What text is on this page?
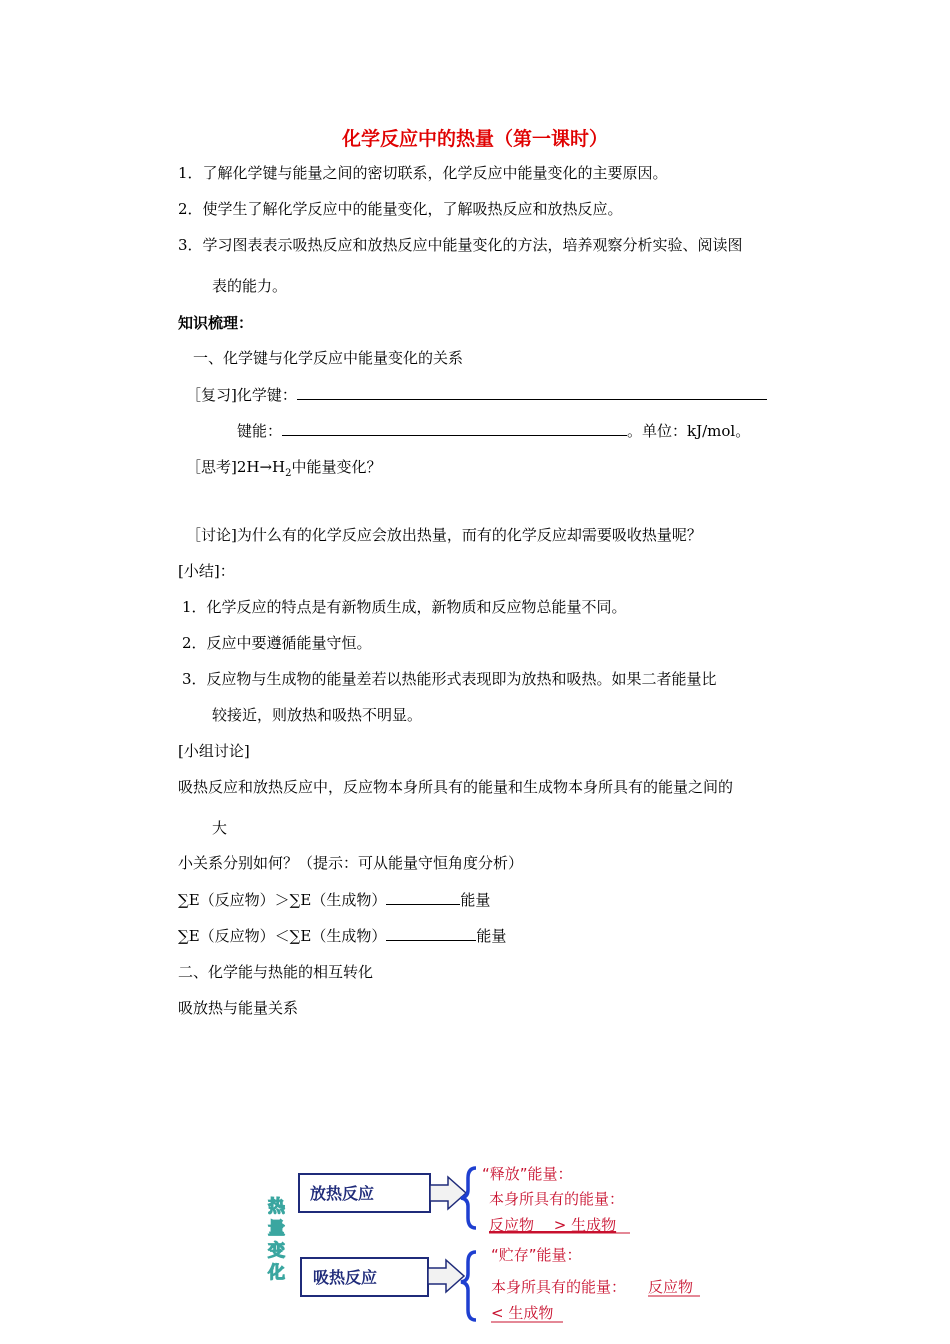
化学反应中的热量（第一课时）
1．了解化学键与能量之间的密切联系，化学反应中能量变化的主要原因。
2．使学生了解化学反应中的能量变化，了解吸热反应和放热反应。
3．学习图表表示吸热反应和放热反应中能量变化的方法，培养观察分析实验、阅读图
表的能力。
知识梳理：
一、化学键与化学反应中能量变化的关系
［复习]化学键：
键能：	。单位：kJ/mol。
［思考]$2H\to H_2$中能量变化？
［讨论]为什么有的化学反应会放出热量，而有的化学反应却需要吸收热量呢？
[小结]：
1．化学反应的特点是有新物质生成，新物质和反应物总能量不同。
2．反应中要遵循能量守恒。
3．反应物与生成物的能量差若以热能形式表现即为放热和吸热。如果二者能量比
较接近，则放热和吸热不明显。
[小组讨论]
吸热反应和放热反应中，反应物本身所具有的能量和生成物本身所具有的能量之间的
大
小关系分别如何？（提示：可从能量守恒角度分析）
∑E（反应物）＞∑E（生成物）	能量
∑E（反应物）＜∑E（生成物）	能量
二、化学能与热能的相互转化
吸放热与能量关系
热
量
变
化
放热反应
吸热反应
“释放”能量：
本身所具有的能量：
反应物　 > 生成物
“贮存”能量：
本身所具有的能量： 反应物
< 生成物
